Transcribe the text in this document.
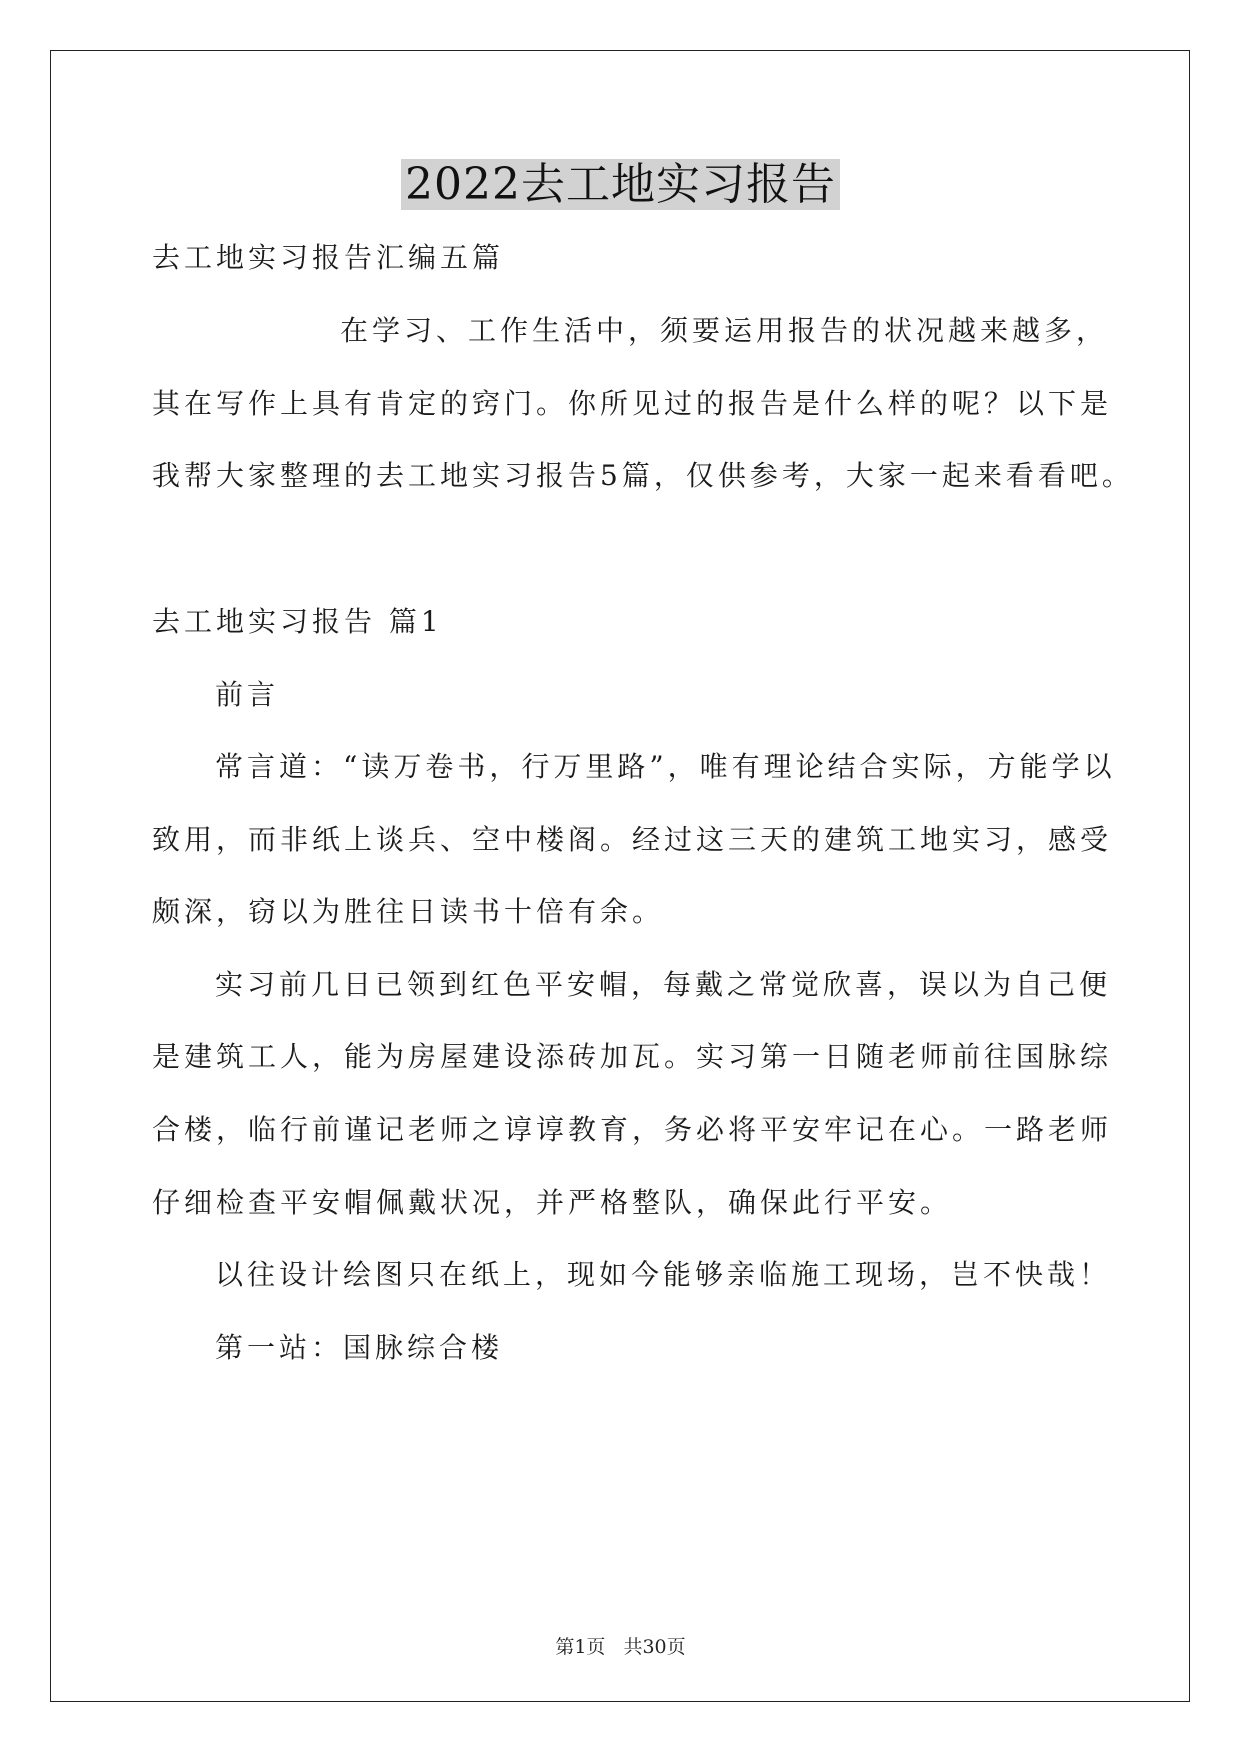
2022去工地实习报告

去工地实习报告汇编五篇

在学习、工作生活中，须要运用报告的状况越来越多，

其在写作上具有肯定的窍门。你所见过的报告是什么样的呢？以下是

我帮大家整理的去工地实习报告5篇，仅供参考，大家一起来看看吧。

去工地实习报告 篇1

前言

常言道：“读万卷书，行万里路”，唯有理论结合实际，方能学以

致用，而非纸上谈兵、空中楼阁。经过这三天的建筑工地实习，感受

颇深，窃以为胜往日读书十倍有余。

实习前几日已领到红色平安帽，每戴之常觉欣喜，误以为自己便

是建筑工人，能为房屋建设添砖加瓦。实习第一日随老师前往国脉综

合楼，临行前谨记老师之谆谆教育，务必将平安牢记在心。一路老师

仔细检查平安帽佩戴状况，并严格整队，确保此行平安。

以往设计绘图只在纸上，现如今能够亲临施工现场，岂不快哉！

第一站：国脉综合楼

第1页 共30页
